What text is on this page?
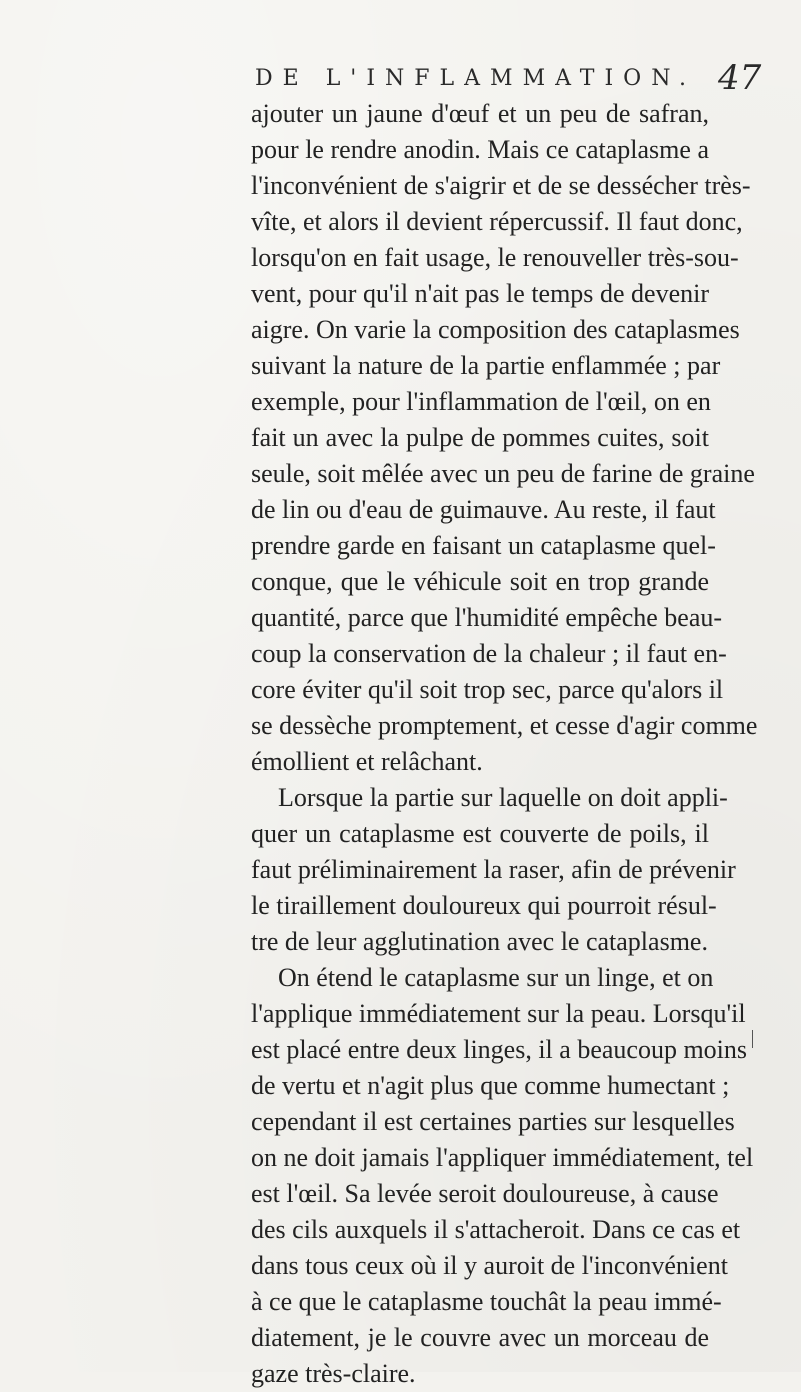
DE L'INFLAMMATION. 47
ajouter un jaune d'œuf et un peu de safran,
pour le rendre anodin. Mais ce cataplasme a
l'inconvénient de s'aigrir et de se dessécher très-
vîte, et alors il devient répercussif. Il faut donc,
lorsqu'on en fait usage, le renouveller très-sou-
vent, pour qu'il n'ait pas le temps de devenir
aigre. On varie la composition des cataplasmes
suivant la nature de la partie enflammée ; par
exemple, pour l'inflammation de l'œil, on en
fait un avec la pulpe de pommes cuites, soit
seule, soit mêlée avec un peu de farine de graine
de lin ou d'eau de guimauve. Au reste, il faut
prendre garde en faisant un cataplasme quel-
conque, que le véhicule soit en trop grande
quantité, parce que l'humidité empêche beau-
coup la conservation de la chaleur ; il faut en-
core éviter qu'il soit trop sec, parce qu'alors il
se dessèche promptement, et cesse d'agir comme
émollient et relâchant.
Lorsque la partie sur laquelle on doit appli-
quer un cataplasme est couverte de poils, il
faut préliminairement la raser, afin de prévenir
le tiraillement douloureux qui pourroit résul-
tre de leur agglutination avec le cataplasme.
On étend le cataplasme sur un linge, et on
l'applique immédiatement sur la peau. Lorsqu'il
est placé entre deux linges, il a beaucoup moins
de vertu et n'agit plus que comme humectant ;
cependant il est certaines parties sur lesquelles
on ne doit jamais l'appliquer immédiatement, tel
est l'œil. Sa levée seroit douloureuse, à cause
des cils auxquels il s'attacheroit. Dans ce cas et
dans tous ceux où il y auroit de l'inconvénient
à ce que le cataplasme touchât la peau immé-
diatement, je le couvre avec un morceau de
gaze très-claire.
